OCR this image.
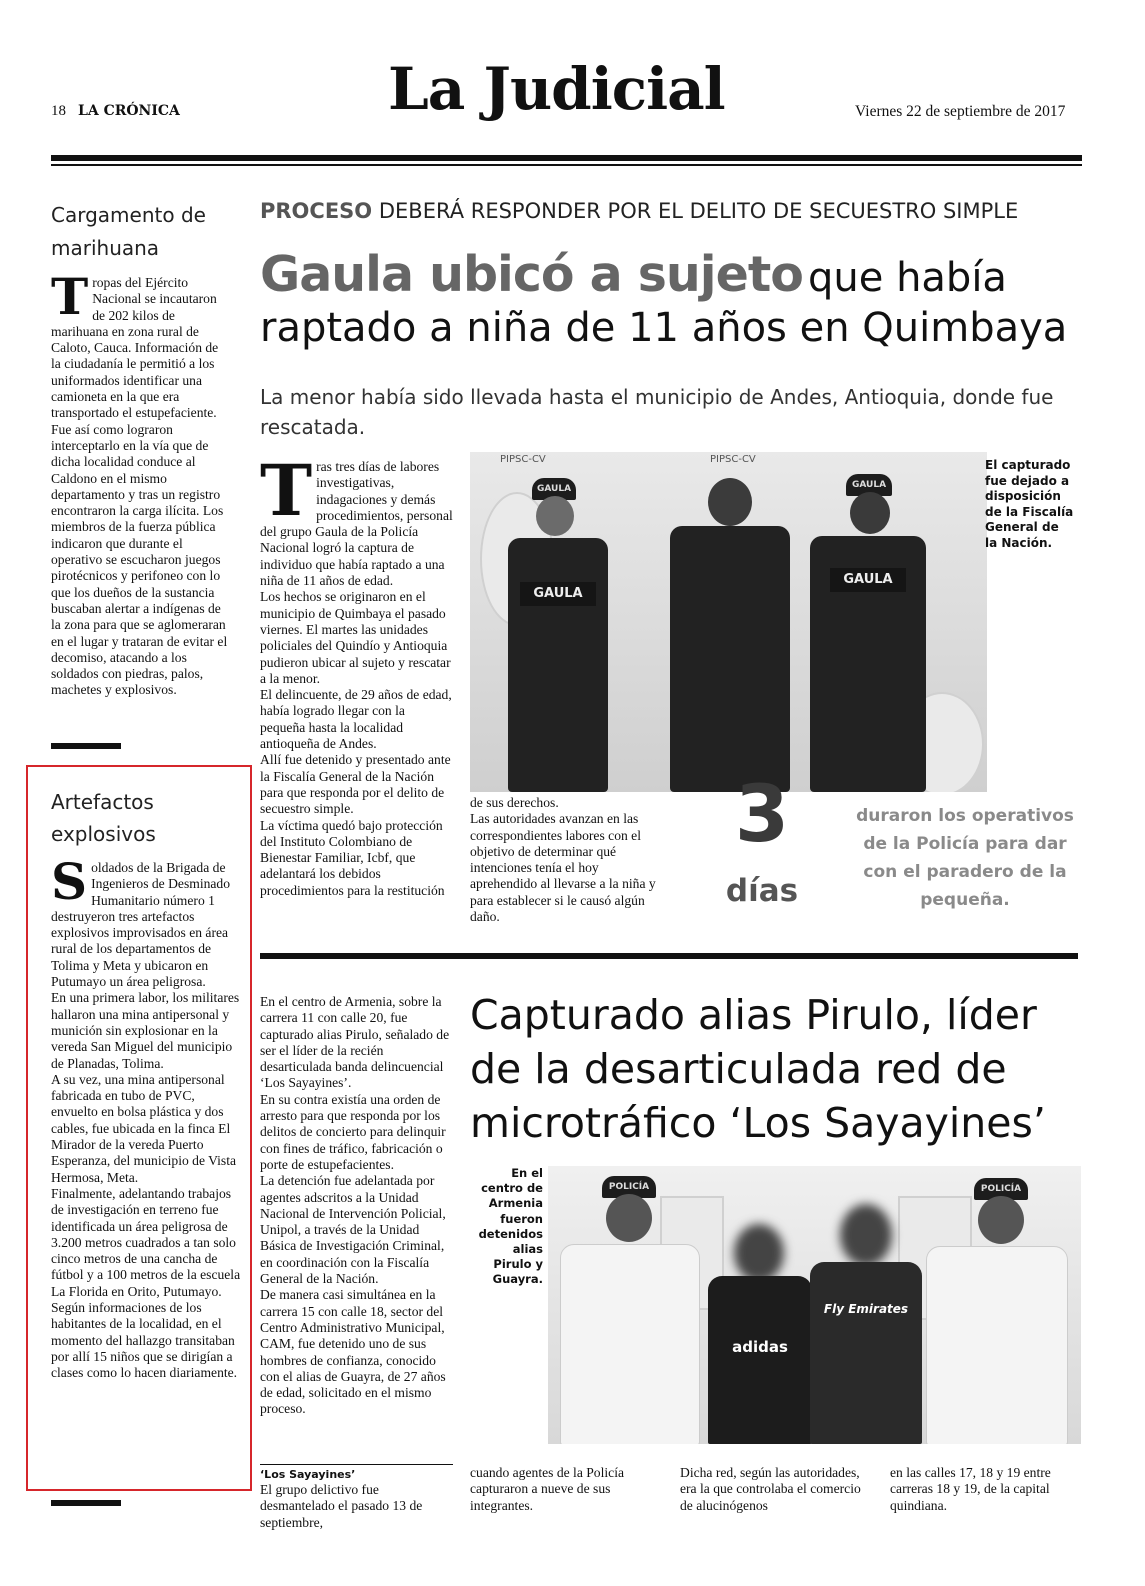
18 LA CRÓNICA	La Judicial	Viernes 22 de septiembre de 2017
Cargamento de marihuana
Tropas del Ejército Nacional se incautaron de 202 kilos de marihuana en zona rural de Caloto, Cauca. Información de la ciudadanía le permitió a los uniformados identificar una camioneta en la que era transportado el estupefaciente. Fue así como lograron interceptarlo en la vía que de dicha localidad conduce al Caldono en el mismo departamento y tras un registro encontraron la carga ilícita. Los miembros de la fuerza pública indicaron que durante el operativo se escucharon juegos pirotécnicos y perifoneo con lo que los dueños de la sustancia buscaban alertar a indígenas de la zona para que se aglomeraran en el lugar y trataran de evitar el decomiso, atacando a los soldados con piedras, palos, machetes y explosivos.
Artefactos explosivos

Soldados de la Brigada de Ingenieros de Desminado Humanitario número 1 destruyeron tres artefactos explosivos improvisados en área rural de los departamentos de Tolima y Meta y ubicaron en Putumayo un área peligrosa.

En una primera labor, los militares hallaron una mina antipersonal y munición sin explosionar en la vereda San Miguel del municipio de Planadas, Tolima.

A su vez, una mina antipersonal fabricada en tubo de PVC, envuelto en bolsa plástica y dos cables, fue ubicada en la finca El Mirador de la vereda Puerto Esperanza, del municipio de Vista Hermosa, Meta.

Finalmente, adelantando trabajos de investigación en terreno fue identificada un área peligrosa de 3.200 metros cuadrados a tan solo cinco metros de una cancha de fútbol y a 100 metros de la escuela La Florida en Orito, Putumayo.

Según informaciones de los habitantes de la localidad, en el momento del hallazgo transitaban por allí 15 niños que se dirigían a clases como lo hacen diariamente.

PROCESO DEBERÁ RESPONDER POR EL DELITO DE SECUESTRO SIMPLE
Gaula ubicó a sujeto que había
raptado a niña de 11 años en Quimbaya
La menor había sido llevada hasta el municipio de Andes, Antioquia, donde fue rescatada.

Tras tres días de labores investigativas, indagaciones y demás procedimientos, personal del grupo Gaula de la Policía Nacional logró la captura de individuo que había raptado a una niña de 11 años de edad.

Los hechos se originaron en el municipio de Quimbaya el pasado viernes. El martes las unidades policiales del Quindío y Antioquia pudieron ubicar al sujeto y rescatar a la menor.

El delincuente, de 29 años de edad, había logrado llegar con la pequeña hasta la localidad antioqueña de Andes.

Allí fue detenido y presentado ante la Fiscalía General de la Nación para que responda por el delito de secuestro simple.

La víctima quedó bajo protección del Instituto Colombiano de Bienestar Familiar, Icbf, que adelantará los debidos procedimientos para la restitución

PIPSC-CV	PIPSC-CV
GAULA
GAULA
GAULA
GAULA
El capturado fue dejado a disposición de la Fiscalía General de la Nación.

de sus derechos.

Las autoridades avanzan en las correspondientes labores con el objetivo de determinar qué intenciones tenía el hoy aprehendido al llevarse a la niña y para establecer si le causó algún daño.

3
días
duraron los operativos de la Policía para dar con el paradero de la pequeña.

En el centro de Armenia, sobre la carrera 11 con calle 20, fue capturado alias Pirulo, señalado de ser el líder de la recién desarticulada banda delincuencial ‘Los Sayayines’.

En su contra existía una orden de arresto para que responda por los delitos de concierto para delinquir con fines de tráfico, fabricación o porte de estupefacientes.

La detención fue adelantada por agentes adscritos a la Unidad Nacional de Intervención Policial, Unipol, a través de la Unidad Básica de Investigación Criminal, en coordinación con la Fiscalía General de la Nación.

De manera casi simultánea en la carrera 15 con calle 18, sector del Centro Administrativo Municipal, CAM, fue detenido uno de sus hombres de confianza, conocido con el alias de Guayra, de 27 años de edad, solicitado en el mismo proceso.

‘Los Sayayines’

El grupo delictivo fue desmantelado el pasado 13 de septiembre,

Capturado alias Pirulo, líder de la desarticulada red de microtráfico ‘Los Sayayines’
En el centro de Armenia fueron detenidos alias Pirulo y Guayra.
POLICÍA
adidas
Fly Emirates
POLICÍA
cuando agentes de la Policía capturaron a nueve de sus integrantes.
Dicha red, según las autoridades, era la que controlaba el comercio de alucinógenos
en las calles 17, 18 y 19 entre carreras 18 y 19, de la capital quindiana.
